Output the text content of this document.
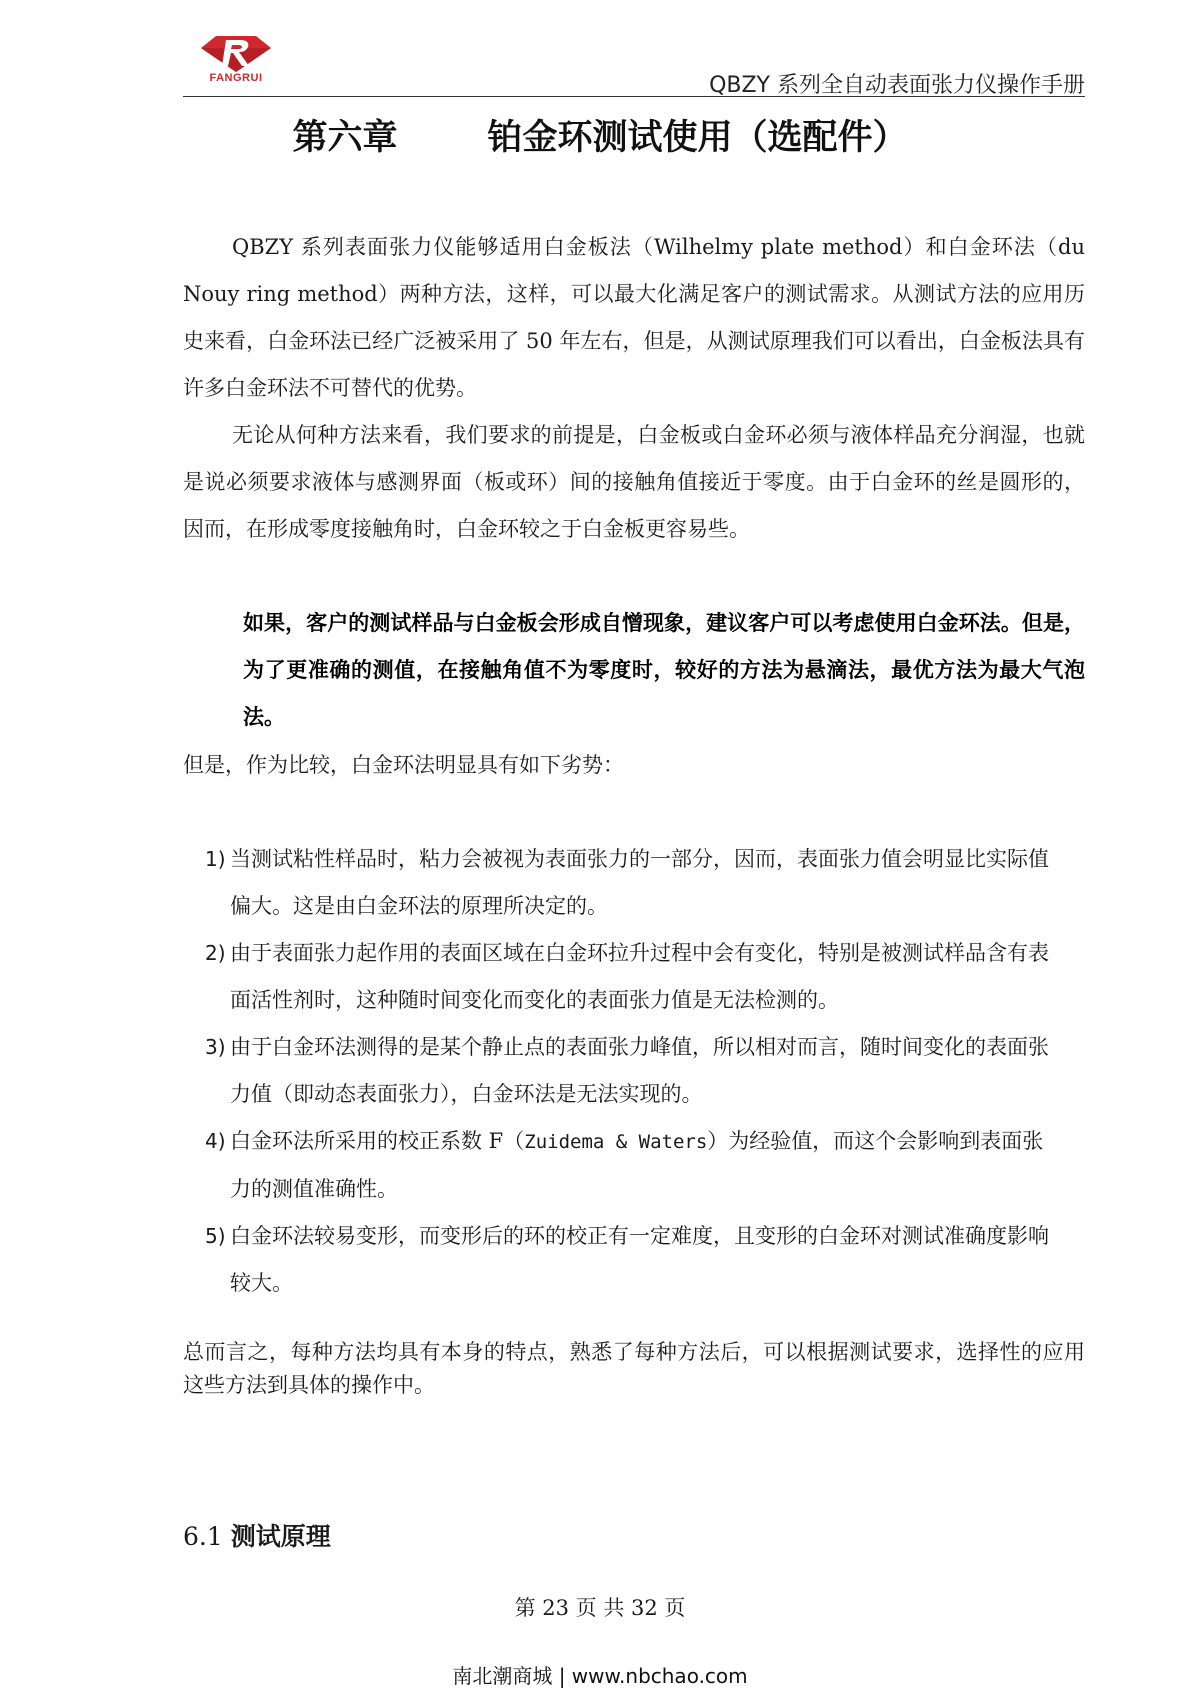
FANGRUI	QBZY 系列全自动表面张力仪操作手册
第六章	铂金环测试使用（选配件）

QBZY 系列表面张力仪能够适用白金板法（Wilhelmy plate method）和白金环法（du Nouy ring method）两种方法，这样，可以最大化满足客户的测试需求。从测试方法的应用历史来看，白金环法已经广泛被采用了 50 年左右，但是，从测试原理我们可以看出，白金板法具有许多白金环法不可替代的优势。

无论从何种方法来看，我们要求的前提是，白金板或白金环必须与液体样品充分润湿，也就是说必须要求液体与感测界面（板或环）间的接触角值接近于零度。由于白金环的丝是圆形的，因而，在形成零度接触角时，白金环较之于白金板更容易些。

如果，客户的测试样品与白金板会形成自憎现象，建议客户可以考虑使用白金环法。但是，为了更准确的测值，在接触角值不为零度时，较好的方法为悬滴法，最优方法为最大气泡法。

但是，作为比较，白金环法明显具有如下劣势：

1) 当测试粘性样品时，粘力会被视为表面张力的一部分，因而，表面张力值会明显比实际值偏大。这是由白金环法的原理所决定的。
2) 由于表面张力起作用的表面区域在白金环拉升过程中会有变化，特别是被测试样品含有表面活性剂时，这种随时间变化而变化的表面张力值是无法检测的。
3) 由于白金环法测得的是某个静止点的表面张力峰值，所以相对而言，随时间变化的表面张力值（即动态表面张力），白金环法是无法实现的。
4) 白金环法所采用的校正系数 F（Zuidema & Waters）为经验值，而这个会影响到表面张力的测值准确性。
5) 白金环法较易变形，而变形后的环的校正有一定难度，且变形的白金环对测试准确度影响较大。

总而言之，每种方法均具有本身的特点，熟悉了每种方法后，可以根据测试要求，选择性的应用这些方法到具体的操作中。

6.1 测试原理
第 23 页 共 32 页
南北潮商城 | www.nbchao.com
